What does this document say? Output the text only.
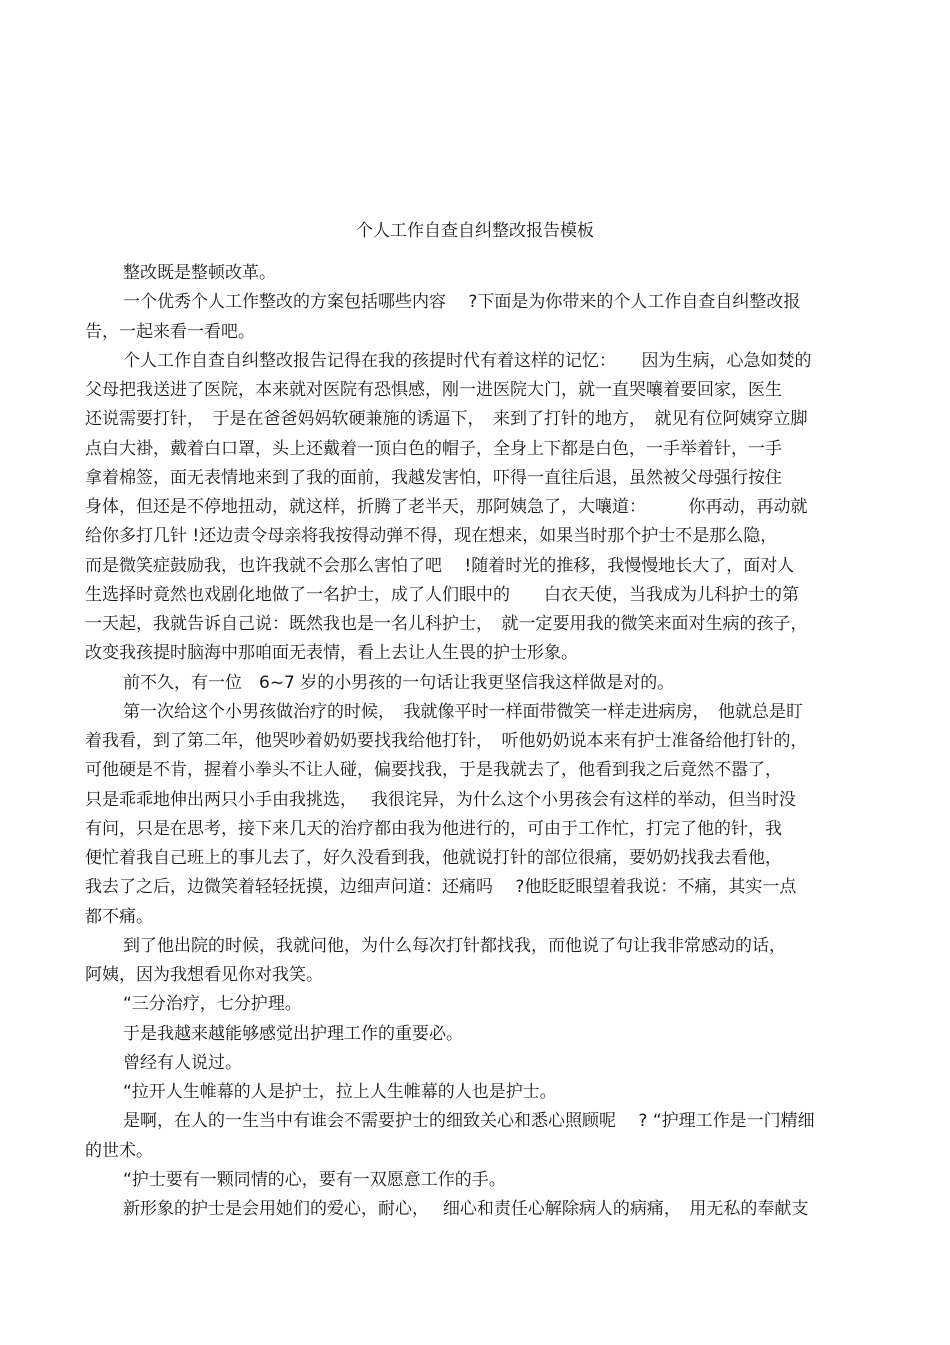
个人工作自查自纠整改报告模板
整改既是整顿改革。
一个优秀个人工作整改的方案包括哪些内容　 ?下面是为你带来的个人工作自查自纠整改报
告，一起来看一看吧。
个人工作自查自纠整改报告记得在我的孩提时代有着这样的记忆：　　因为生病，心急如焚的
父母把我送进了医院，本来就对医院有恐惧感，刚一进医院大门，就一直哭嚷着要回家，医生
还说需要打针，　于是在爸爸妈妈软硬兼施的诱逼下，　来到了打针的地方，　就见有位阿姨穿立脚
点白大褂，戴着白口罩，头上还戴着一顶白色的帽子，全身上下都是白色，一手举着针，一手
拿着棉签，面无表情地来到了我的面前，我越发害怕，吓得一直往后退，虽然被父母强行按住
身体，但还是不停地扭动，就这样，折腾了老半天，那阿姨急了，大嚷道：　　　你再动，再动就
给你多打几针 !还边责令母亲将我按得动弹不得，现在想来，如果当时那个护士不是那么隐，
而是微笑症鼓励我，也许我就不会那么害怕了吧　 !随着时光的推移，我慢慢地长大了，面对人
生选择时竟然也戏剧化地做了一名护士，成了人们眼中的　　白衣天使，当我成为儿科护士的第
一天起，我就告诉自己说：既然我也是一名儿科护士，　就一定要用我的微笑来面对生病的孩子，
改变我孩提时脑海中那咱面无表情，看上去让人生畏的护士形象。
前不久，有一位　6~7 岁的小男孩的一句话让我更坚信我这样做是对的。
第一次给这个小男孩做治疗的时候，　我就像平时一样面带微笑一样走进病房，　他就总是盯
着我看，到了第二年，他哭吵着奶奶要找我给他打针，　听他奶奶说本来有护士准备给他打针的，
可他硬是不肯，握着小拳头不让人碰，偏要找我，于是我就去了，他看到我之后竟然不嚣了，
只是乖乖地伸出两只小手由我挑选，　 我很诧异，为什么这个小男孩会有这样的举动，但当时没
有问，只是在思考，接下来几天的治疗都由我为他进行的，可由于工作忙，打完了他的针，我
便忙着我自己班上的事儿去了，好久没看到我，他就说打针的部位很痛，要奶奶找我去看他，
我去了之后，边微笑着轻轻抚摸，边细声问道：还痛吗　 ?他眨眨眼望着我说：不痛，其实一点
都不痛。
到了他出院的时候，我就问他，为什么每次打针都找我，而他说了句让我非常感动的话，
阿姨，因为我想看见你对我笑。
“三分治疗，七分护理。
于是我越来越能够感觉出护理工作的重要必。
曾经有人说过。
“拉开人生帷幕的人是护士，拉上人生帷幕的人也是护士。
是啊，在人的一生当中有谁会不需要护士的细致关心和悉心照顾呢　 ? “护理工作是一门精细
的世术。
“护士要有一颗同情的心，要有一双愿意工作的手。
新形象的护士是会用她们的爱心，耐心，　 细心和责任心解除病人的病痛，　用无私的奉献支
